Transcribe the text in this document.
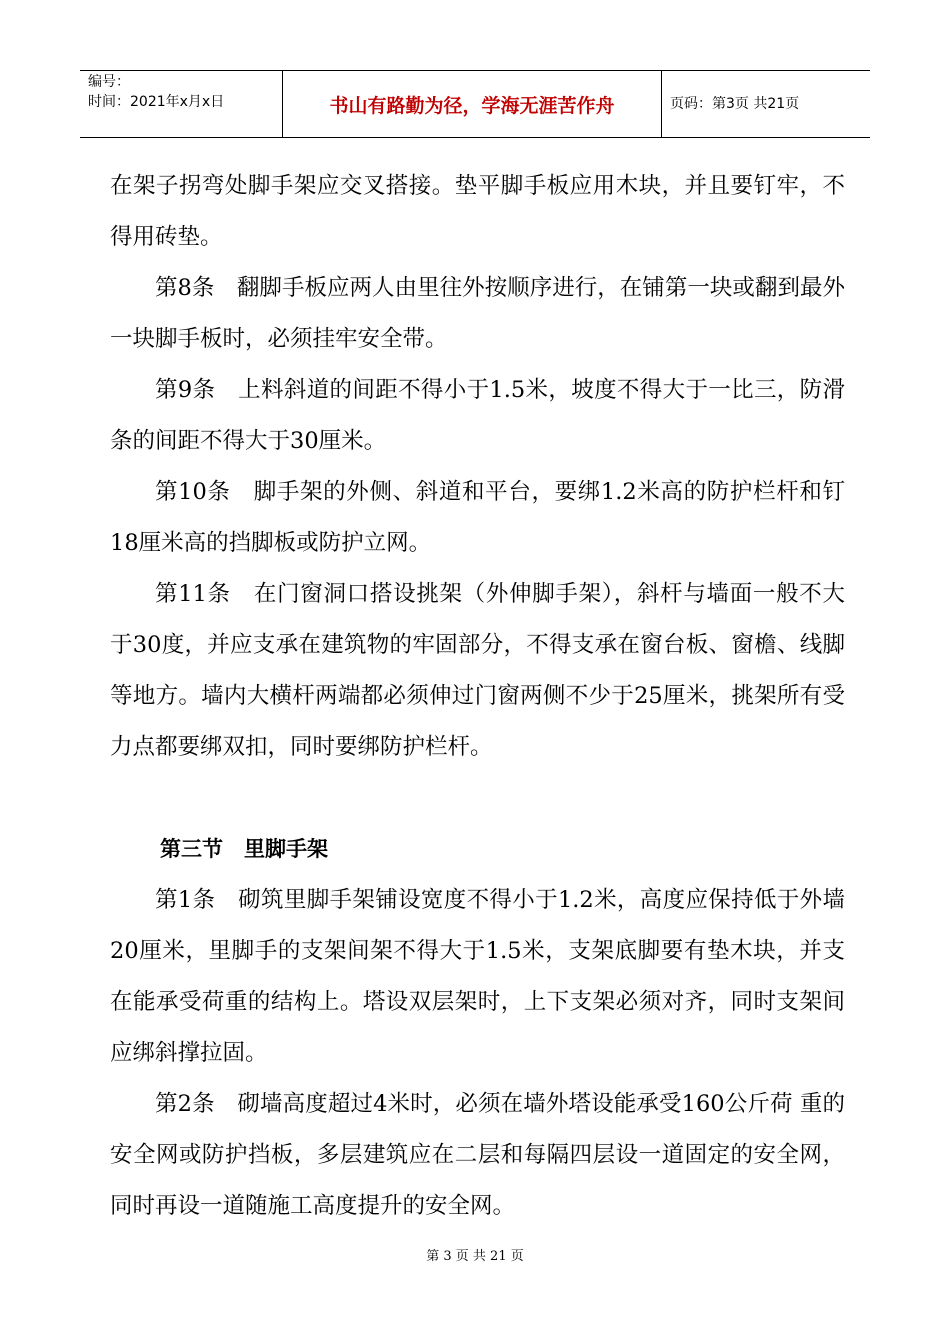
编号：
时间：2021年x月x日	书山有路勤为径，学海无涯苦作舟	页码：第3页 共21页

在架子拐弯处脚手架应交叉搭接。垫平脚手板应用木块，并且要钉牢，不得用砖垫。

第8条　翻脚手板应两人由里往外按顺序进行，在铺第一块或翻到最外一块脚手板时，必须挂牢安全带。

第9条　上料斜道的间距不得小于1.5米，坡度不得大于一比三，防滑条的间距不得大于30厘米。

第10条　脚手架的外侧、斜道和平台，要绑1.2米高的防护栏杆和钉18厘米高的挡脚板或防护立网。

第11条　在门窗洞口搭设挑架（外伸脚手架），斜杆与墙面一般不大于30度，并应支承在建筑物的牢固部分，不得支承在窗台板、窗檐、线脚等地方。墙内大横杆两端都必须伸过门窗两侧不少于25厘米，挑架所有受力点都要绑双扣，同时要绑防护栏杆。

第三节　里脚手架

第1条　砌筑里脚手架铺设宽度不得小于1.2米，高度应保持低于外墙20厘米，里脚手的支架间架不得大于1.5米，支架底脚要有垫木块，并支在能承受荷重的结构上。塔设双层架时，上下支架必须对齐，同时支架间应绑斜撑拉固。

第2条　砌墙高度超过4米时，必须在墙外塔设能承受160公斤荷 重的安全网或防护挡板，多层建筑应在二层和每隔四层设一道固定的安全网，同时再设一道随施工高度提升的安全网。

第 3 页 共 21 页
